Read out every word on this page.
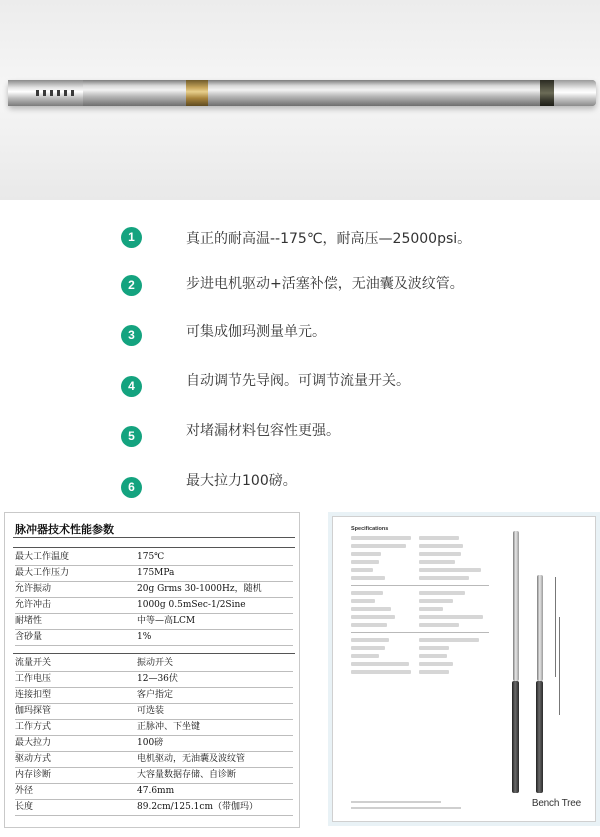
1	真正的耐高温--175℃，耐高压—25000psi。
2	步进电机驱动+活塞补偿，无油囊及波纹管。
3	可集成伽玛测量单元。
4	自动调节先导阀。可调节流量开关。
5	对堵漏材料包容性更强。
6	最大拉力100磅。
脉冲器技术性能参数
最大工作温度	175℃
最大工作压力	175MPa
允许振动	20g Grms 30-1000Hz，随机
允许冲击	1000g 0.5mSec-1/2Sine
耐堵性	中等—高LCM
含砂量	1%
流量开关	振动开关
工作电压	12—36伏
连接扣型	客户指定
伽玛探管	可选装
工作方式	正脉冲、下坐键
最大拉力	100磅
驱动方式	电机驱动，无油囊及波纹管
内存诊断	大容量数据存储、自诊断
外径	47.6mm
长度	89.2cm/125.1cm（带伽玛）
Specifications
Bench Tree
